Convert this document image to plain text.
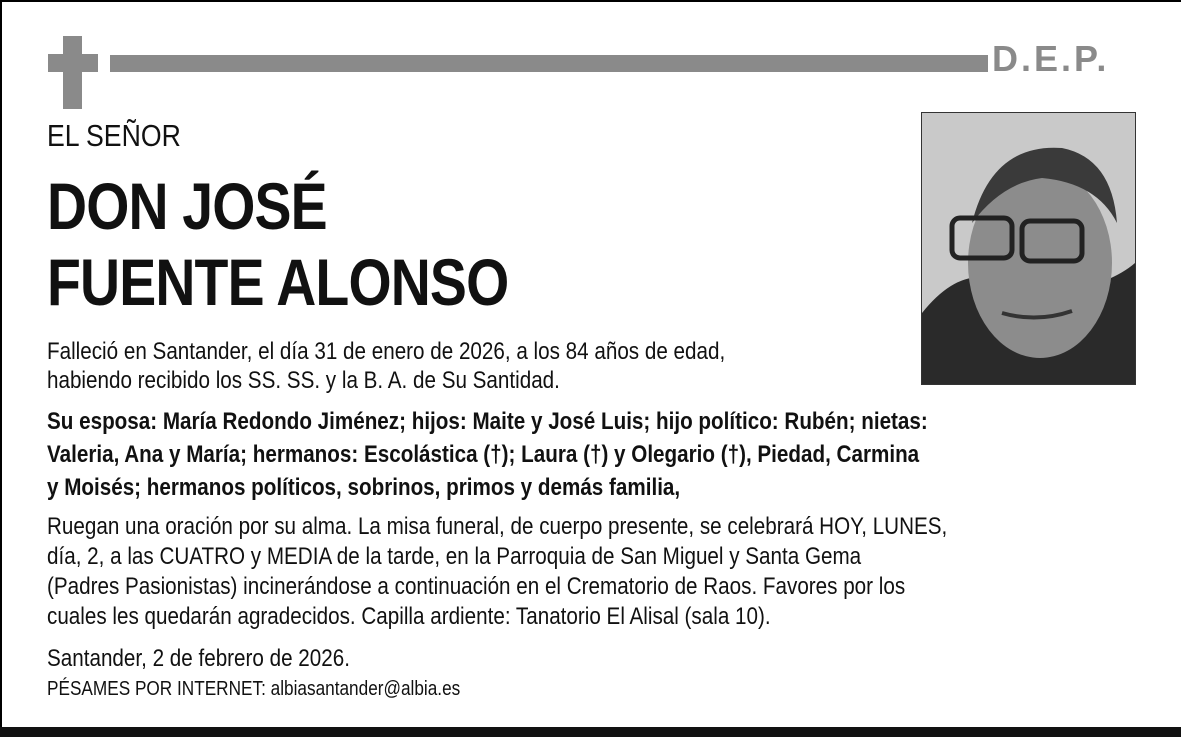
D.E.P.
EL SEÑOR
DON JOSÉ
FUENTE ALONSO
Falleció en Santander, el día 31 de enero de 2026, a los 84 años de edad,
habiendo recibido los SS. SS. y la B. A. de Su Santidad.
Su esposa: María Redondo Jiménez; hijos: Maite y José Luis; hijo político: Rubén; nietas:
Valeria, Ana y María; hermanos: Escolástica (†); Laura (†) y Olegario (†), Piedad, Carmina
y Moisés; hermanos políticos, sobrinos, primos y demás familia,
Ruegan una oración por su alma. La misa funeral, de cuerpo presente, se celebrará HOY, LUNES,
día, 2, a las CUATRO y MEDIA de la tarde, en la Parroquia de San Miguel y Santa Gema
(Padres Pasionistas) incinerándose a continuación en el Crematorio de Raos. Favores por los
cuales les quedarán agradecidos. Capilla ardiente: Tanatorio El Alisal (sala 10).
Santander, 2 de febrero de 2026.
PÉSAMES POR INTERNET: albiasantander@albia.es
